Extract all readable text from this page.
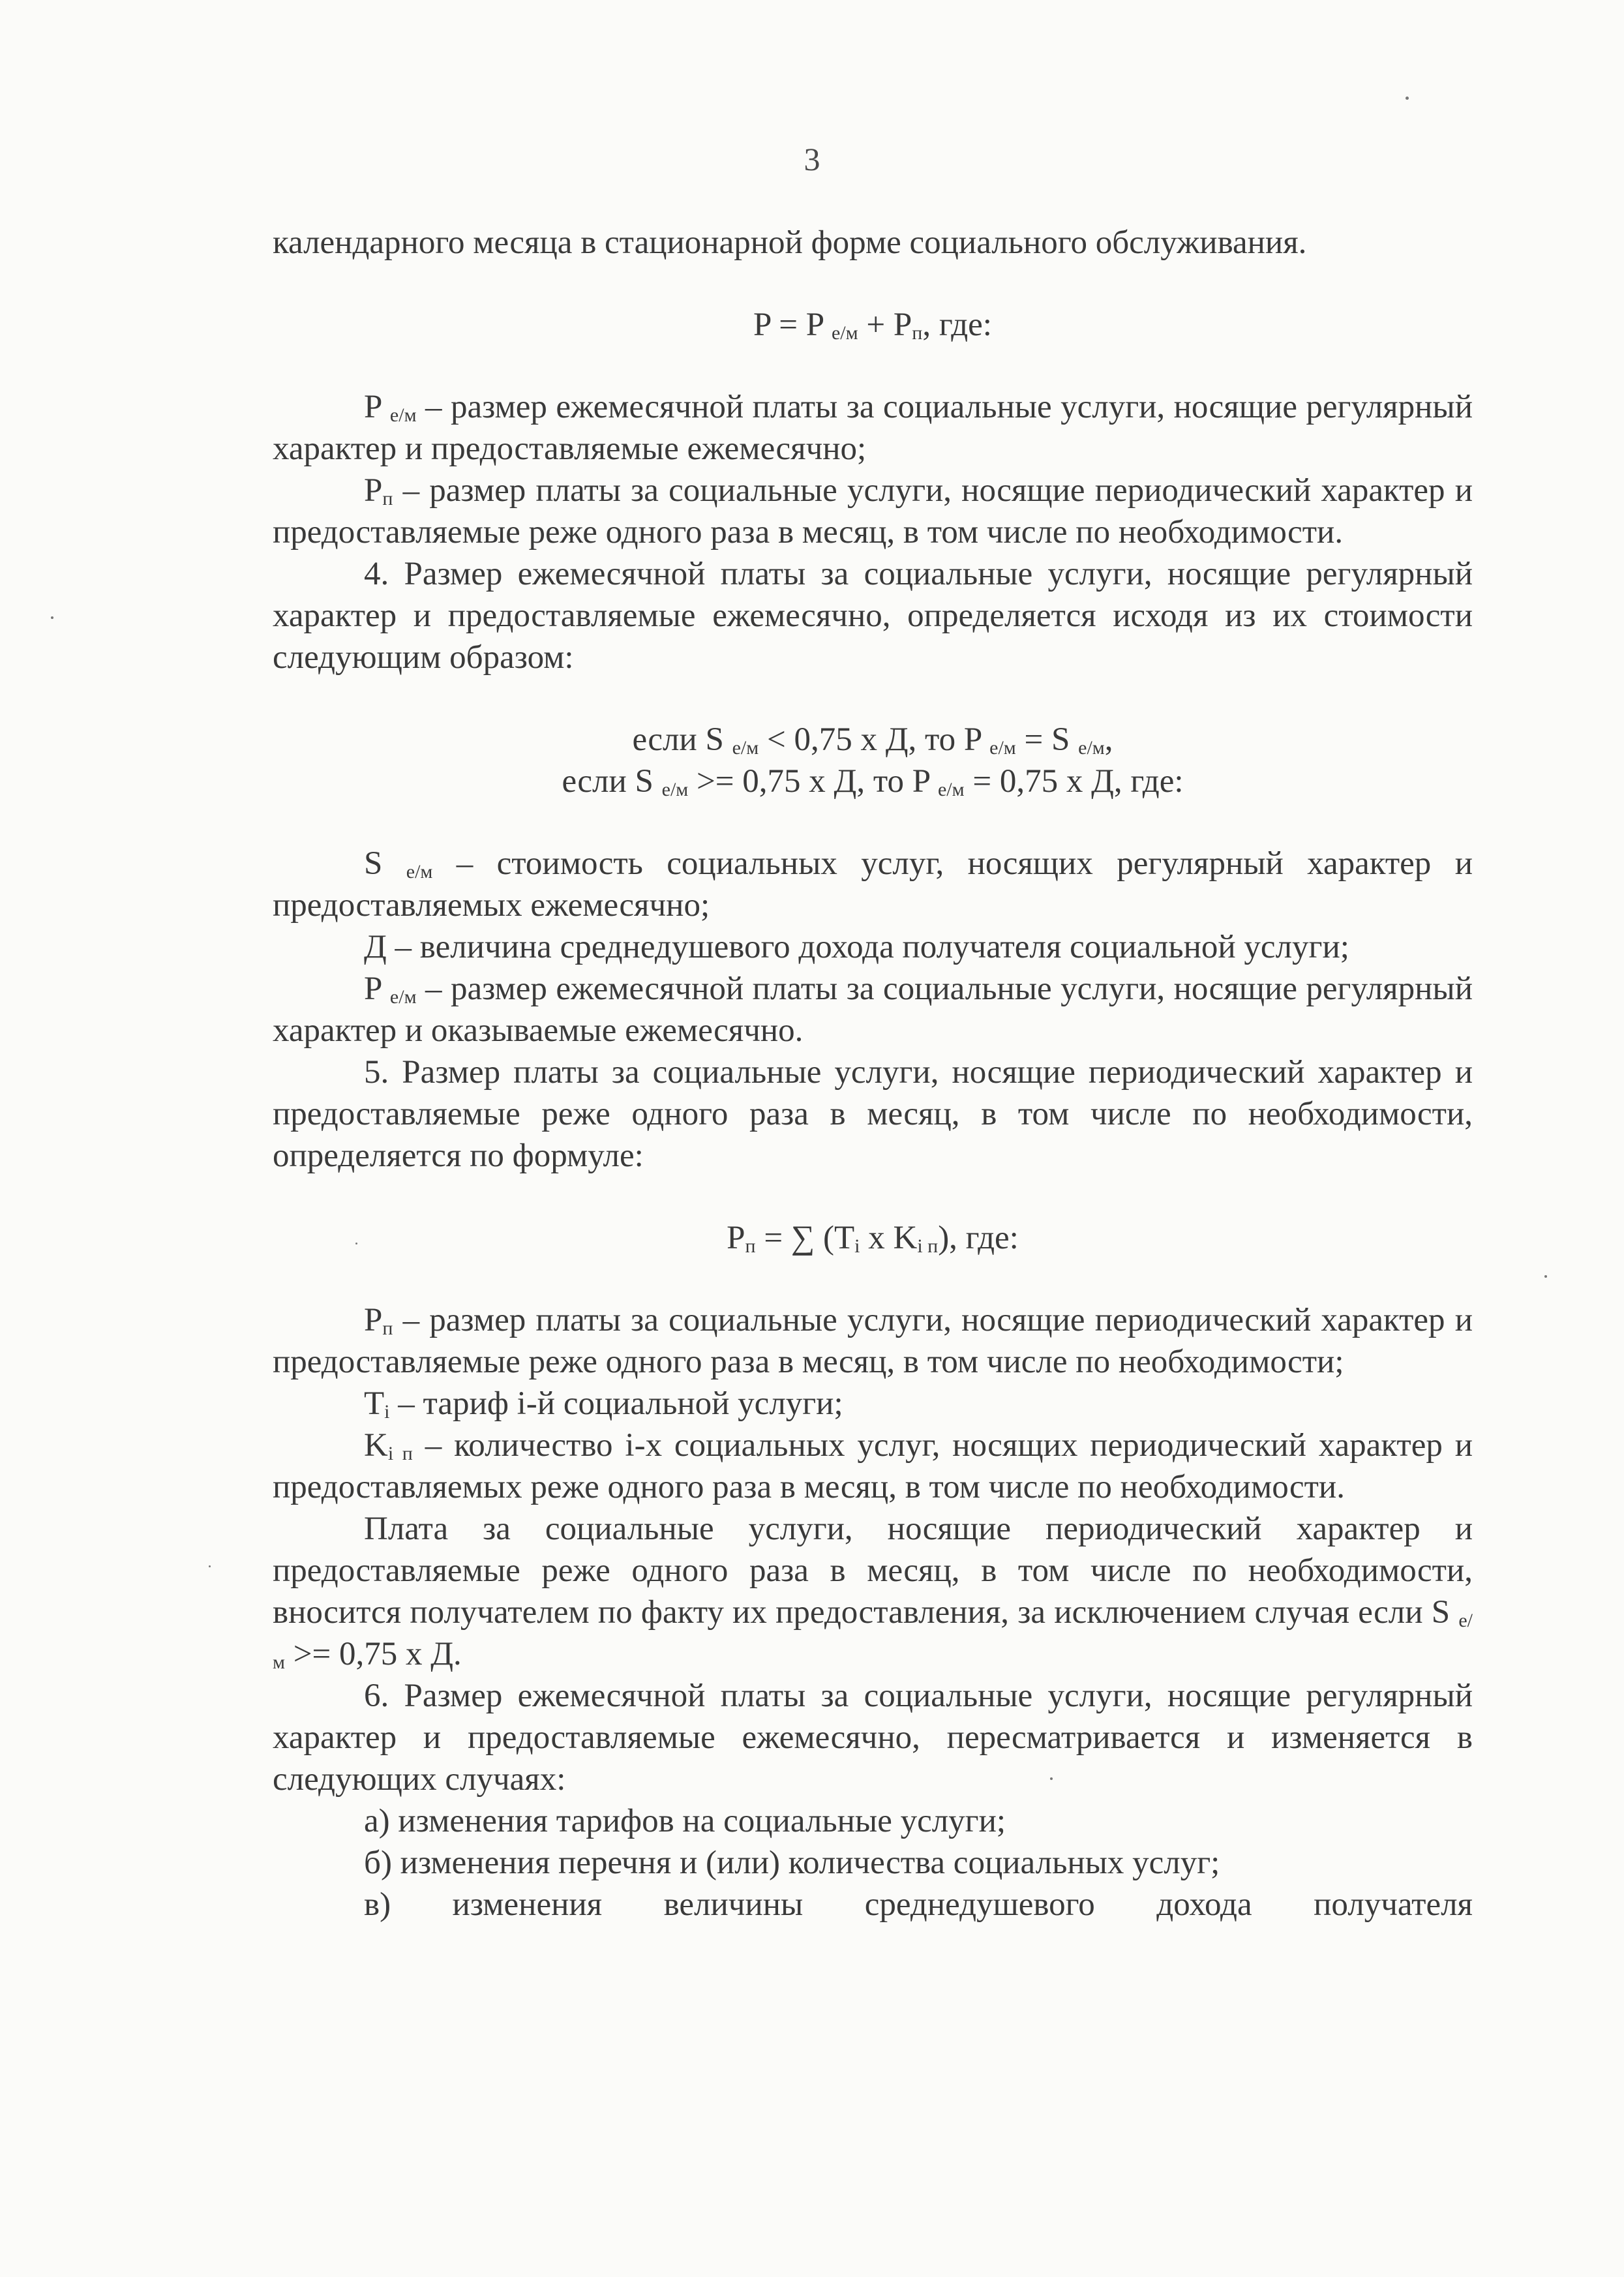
3

календарного месяца в стационарной форме социального обслуживания.

P = P $_{е/м} + P_п$, где:

P $_{е/м}$ – размер ежемесячной платы за социальные услуги, носящие регулярный характер и предоставляемые ежемесячно;

$P_п$ – размер платы за социальные услуги, носящие периодический характер и предоставляемые реже одного раза в месяц, в том числе по необходимости.

4. Размер ежемесячной платы за социальные услуги, носящие регулярный характер и предоставляемые ежемесячно, определяется исходя из их стоимости следующим образом:

если S $_{е/м}$ < 0,75 х Д, то P $_{е/м}$ = S $_{е/м}$,

если S $_{е/м}$ >= 0,75 х Д, то P $_{е/м}$ = 0,75 х Д, где:

S $_{е/м}$ – стоимость социальных услуг, носящих регулярный характер и предоставляемых ежемесячно;

Д – величина среднедушевого дохода получателя социальной услуги;

P $_{е/м}$ – размер ежемесячной платы за социальные услуги, носящие регулярный характер и оказываемые ежемесячно.

5. Размер платы за социальные услуги, носящие периодический характер и предоставляемые реже одного раза в месяц, в том числе по необходимости, определяется по формуле:

$P_п$ = ∑ ($T_i$ x $K_{i п}$), где:

$P_п$ – размер платы за социальные услуги, носящие периодический характер и предоставляемые реже одного раза в месяц, в том числе по необходимости;

$T_i$ – тариф i-й социальной услуги;

$K_{i п}$ – количество i-х социальных услуг, носящих периодический характер и предоставляемых реже одного раза в месяц, в том числе по необходимости.

Плата за социальные услуги, носящие периодический характер и предоставляемые реже одного раза в месяц, в том числе по необходимости, вносится получателем по факту их предоставления, за исключением случая если S $_{е/м}$ >= 0,75 х Д.

6. Размер ежемесячной платы за социальные услуги, носящие регулярный характер и предоставляемые ежемесячно, пересматривается и изменяется в следующих случаях:

а) изменения тарифов на социальные услуги;

б) изменения перечня и (или) количества социальных услуг;

в) изменения величины среднедушевого дохода получателя
